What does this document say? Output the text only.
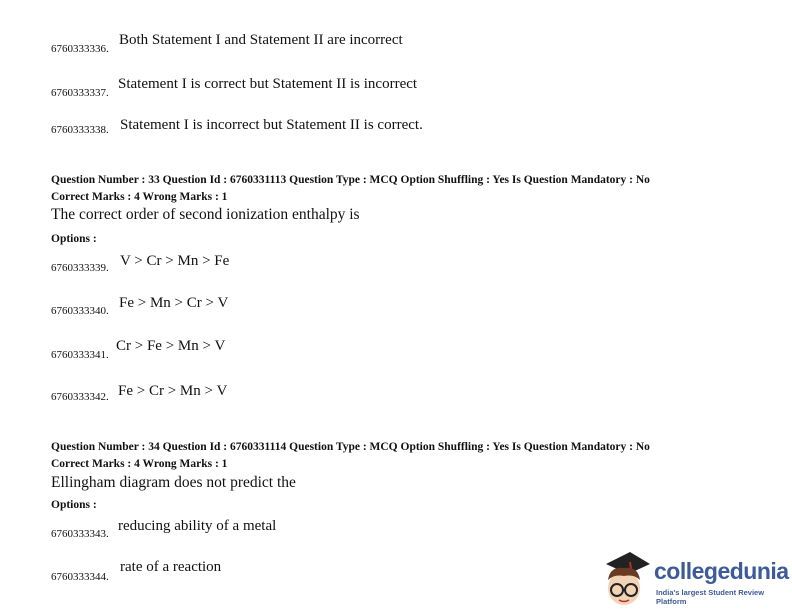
6760333336.
Both Statement I and Statement II are incorrect
6760333337.
Statement I is correct but Statement II is incorrect
6760333338. Statement I is incorrect but Statement II is correct.
Question Number : 33 Question Id : 6760331113 Question Type : MCQ Option Shuffling : Yes Is Question Mandatory : No
Correct Marks : 4 Wrong Marks : 1
The correct order of second ionization enthalpy is
Options :
6760333339. V > Cr > Mn > Fe
6760333340. Fe > Mn > Cr > V
6760333341.
Cr > Fe > Mn > V
6760333342. Fe > Cr > Mn > V
Question Number : 34 Question Id : 6760331114 Question Type : MCQ Option Shuffling : Yes Is Question Mandatory : No
Correct Marks : 4 Wrong Marks : 1
Ellingham diagram does not predict the
Options :
6760333343. reducing ability of a metal
6760333344.
rate of a reaction	collegedunia
India's largest Student Review Platform
